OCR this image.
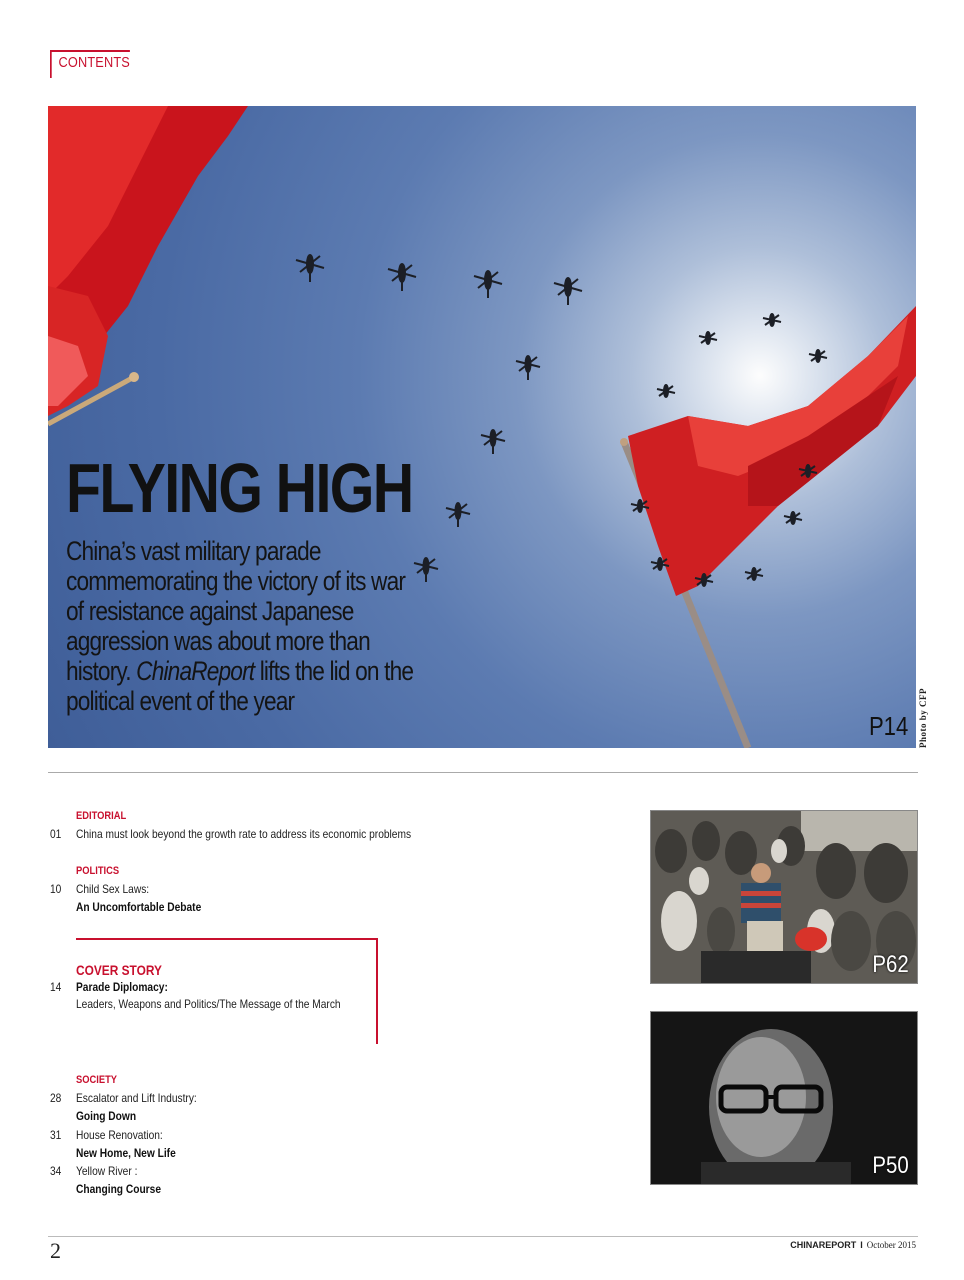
CONTENTS
FLYING HIGH

China’s vast military parade commemorating the victory of its war of resistance against Japanese aggression was about more than history. ChinaReport lifts the lid on the political event of the year

P14 Photo by CFP
EDITORIAL
01 China must look beyond the growth rate to address its economic problems
POLITICS
10 Child Sex Laws:
An Uncomfortable Debate
COVER STORY
14 Parade Diplomacy:
Leaders, Weapons and Politics/The Message of the March
SOCIETY
28 Escalator and Lift Industry:
Going Down
31 House Renovation:
New Home, New Life
34 Yellow River :
Changing Course
P62
P50
2	CHINAREPORT I October 2015
